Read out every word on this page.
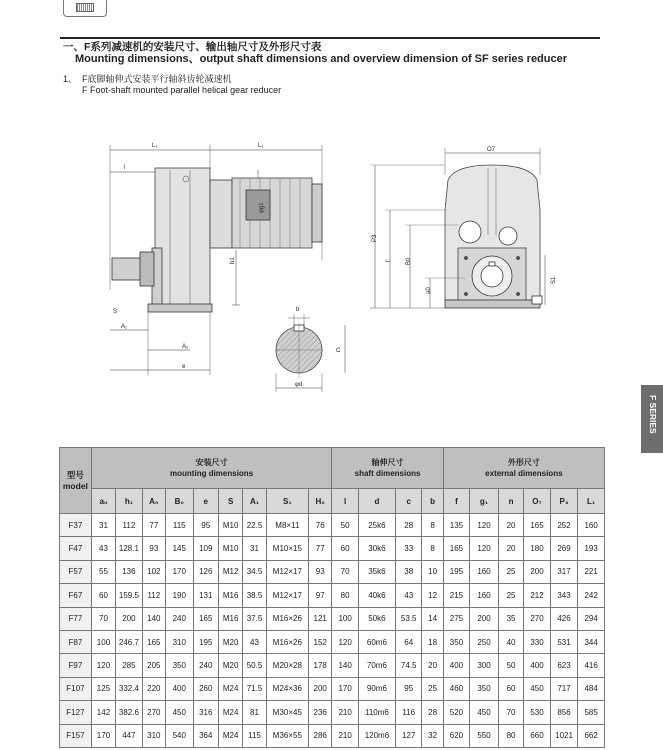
一、F系列减速机的安装尺寸、输出轴尺寸及外形尺寸表
Mounting dimensions、output shaft dimensions and overview dimension of SF series reducer
1、 F底脚轴伸式安装平行轴斜齿轮减速机
F Foot-shaft mounted parallel helical gear reducer
F SERIES
L₁	L₁
l
φg1
h1
S
A₁
A₁
e
b
C
φd
O7
P3
f B0
a0
S1
型号
model	安装尺寸
mounting dimensions									轴伸尺寸
shaft dimensions				外形尺寸
external dimensions					
	a₀	h₁	A₀	B₀	e	S	A₁	S₁	H₀	l	d	c	b	f	g₁	n	O₇	P₃	L₁
F37	31	112	77	115	95	M10	22.5	M8×11	76	50	25k6	28	8	135	120	20	165	252	160
F47	43	128.1	93	145	109	M10	31	M10×15	77	60	30k6	33	8	165	120	20	180	269	193
F57	55	136	102	170	126	M12	34.5	M12×17	93	70	35k6	38	10	195	160	25	200	317	221
F67	60	159.5	112	190	131	M16	38.5	M12×17	97	80	40k6	43	12	215	160	25	212	343	242
F77	70	200	140	240	165	M16	37.5	M16×26	121	100	50k6	53.5	14	275	200	35	270	426	294
F87	100	246.7	165	310	195	M20	43	M16×26	152	120	60m6	64	18	350	250	40	330	531	344
F97	120	285	205	350	240	M20	50.5	M20×28	178	140	70m6	74.5	20	400	300	50	400	623	416
F107	125	332.4	220	400	260	M24	71.5	M24×36	200	170	90m6	95	25	460	350	60	450	717	484
F127	142	382.6	270	450	316	M24	81	M30×45	236	210	110m6	116	28	520	450	70	530	856	585
F157	170	447	310	540	364	M24	115	M36×55	286	210	120m6	127	32	620	550	80	660	1021	662
